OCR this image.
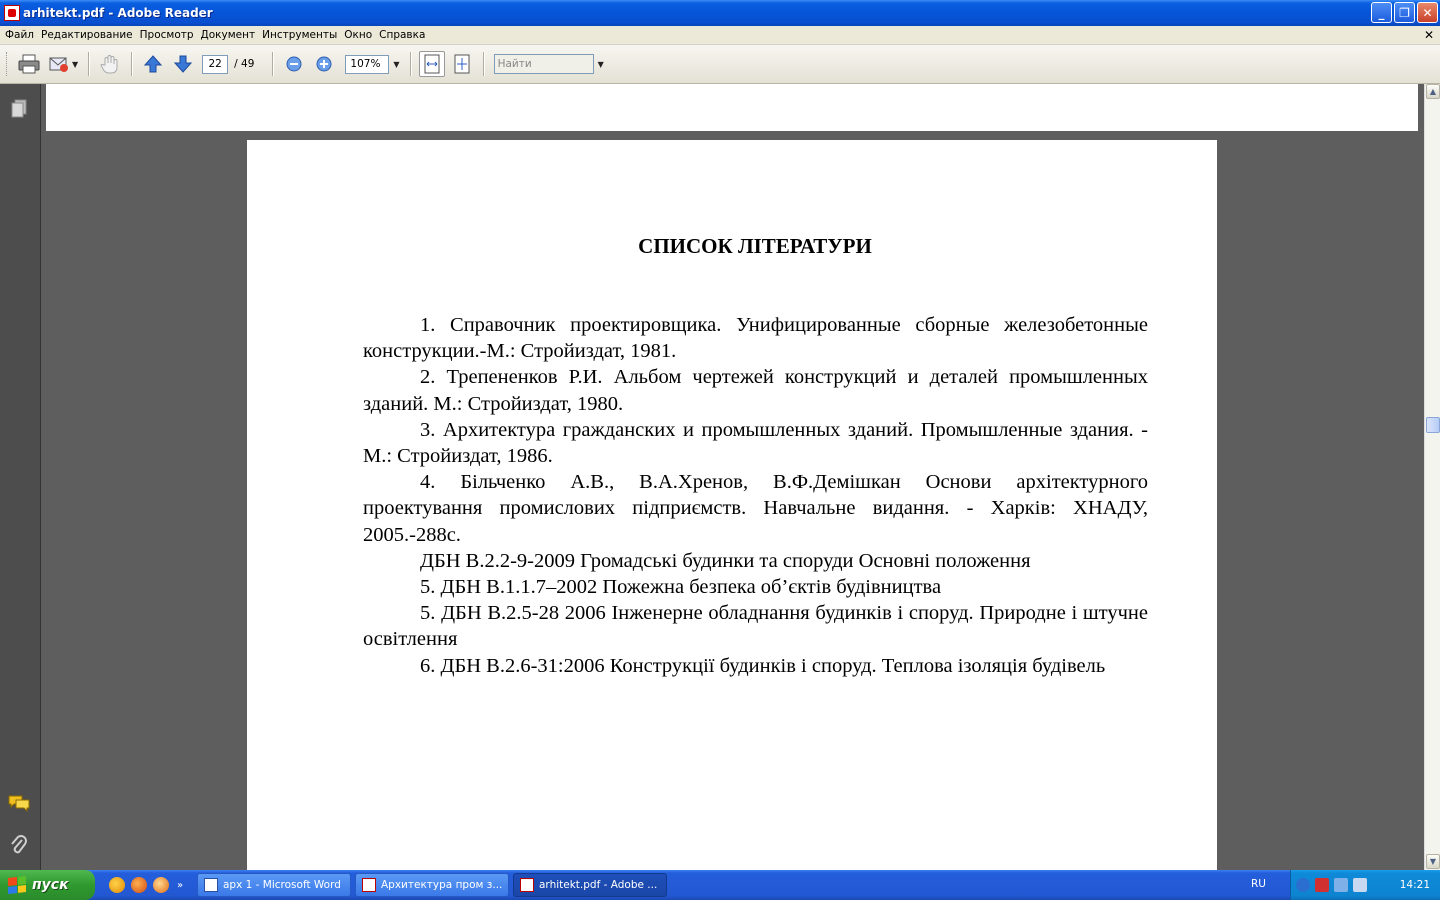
arhitekt.pdf - Adobe Reader	_	❐	✕
Файл Редактирование Просмотр Документ Инструменты Окно Справка	✕
▼	22	/ 49	107%	▼	Найти	▼
СПИСОК ЛІТЕРАТУРИ

1. Справочник проектировщика. Унифицированные сборные железобетонные конструкции.-М.: Стройиздат, 1981.

2. Трепененков Р.И. Альбом чертежей конструкций и деталей промышленных зданий. М.: Стройиздат, 1980.

3. Архитектура гражданских и промышленных зданий. Промышленные здания. - М.: Стройиздат, 1986.

4. Більченко А.В., В.А.Хренов, В.Ф.Демішкан Основи архітектурного проектування промислових підприємств. Навчальне видання. - Харків: ХНАДУ, 2005.-288с.

ДБН В.2.2-9-2009 Громадські будинки та споруди Основні положення

5. ДБН В.1.1.7–2002 Пожежна безпека об’єктів будівництва

5. ДБН В.2.5-28 2006 Інженерне обладнання будинків і споруд. Природне і штучне освітлення

6. ДБН В.2.6-31:2006 Конструкції будинків і споруд. Теплова ізоляція будівель

▲
▼
пуск	»	арх 1 - Microsoft Word	Архитектура пром з...	arhitekt.pdf - Adobe ...	RU	14:21
